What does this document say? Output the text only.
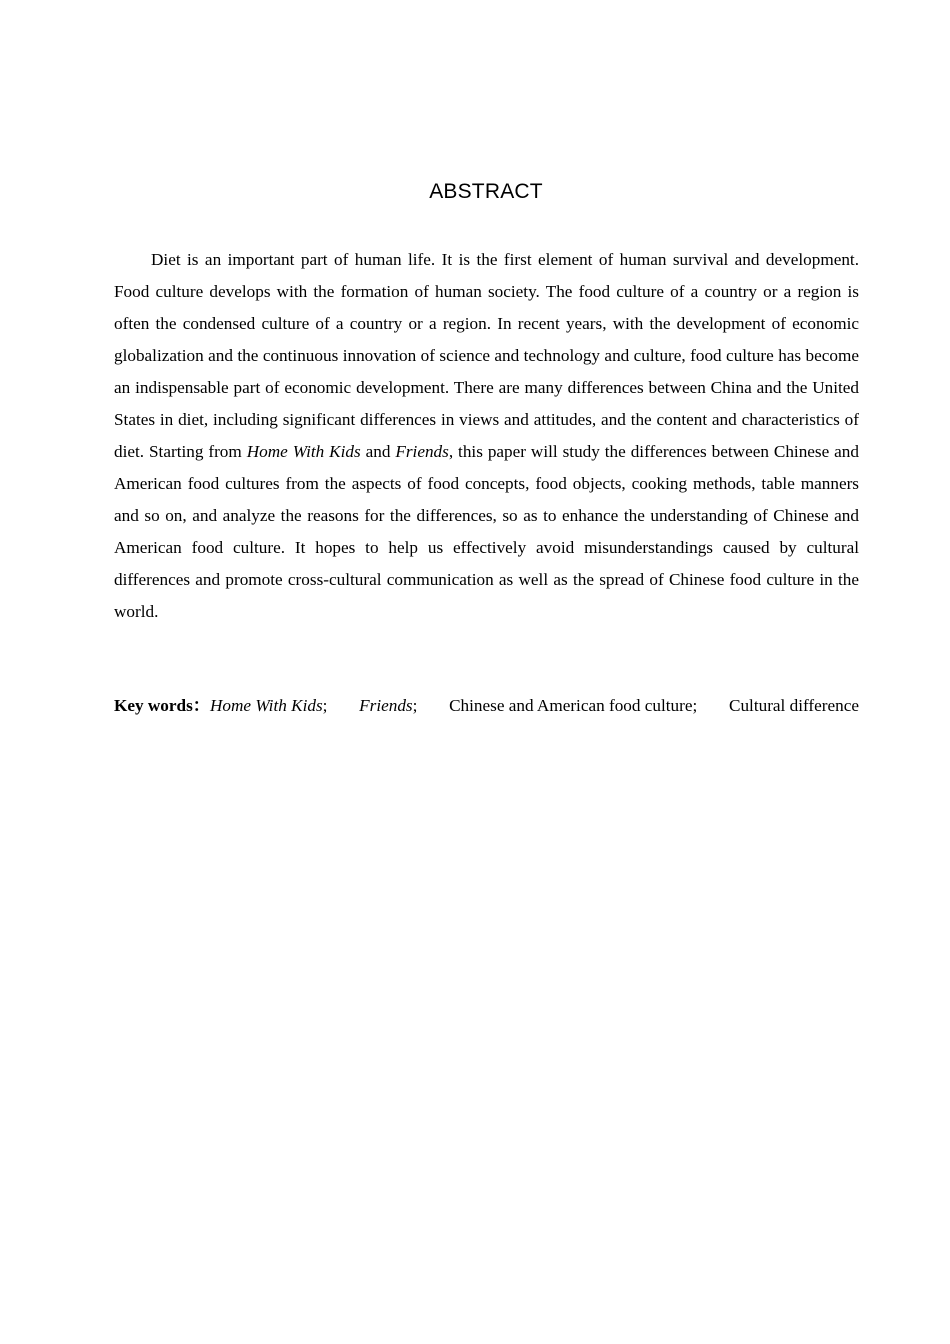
ABSTRACT

Diet is an important part of human life. It is the first element of human survival and development. Food culture develops with the formation of human society. The food culture of a country or a region is often the condensed culture of a country or a region. In recent years, with the development of economic globalization and the continuous innovation of science and technology and culture, food culture has become an indispensable part of economic development. There are many differences between China and the United States in diet, including significant differences in views and attitudes, and the content and characteristics of diet. Starting from Home With Kids and Friends, this paper will study the differences between Chinese and American food cultures from the aspects of food concepts, food objects, cooking methods, table manners and so on, and analyze the reasons for the differences, so as to enhance the understanding of Chinese and American food culture. It hopes to help us effectively avoid misunderstandings caused by cultural differences and promote cross-cultural communication as well as the spread of Chinese food culture in the world.

Key words：Home With Kids; Friends; Chinese and American food culture; Cultural difference
